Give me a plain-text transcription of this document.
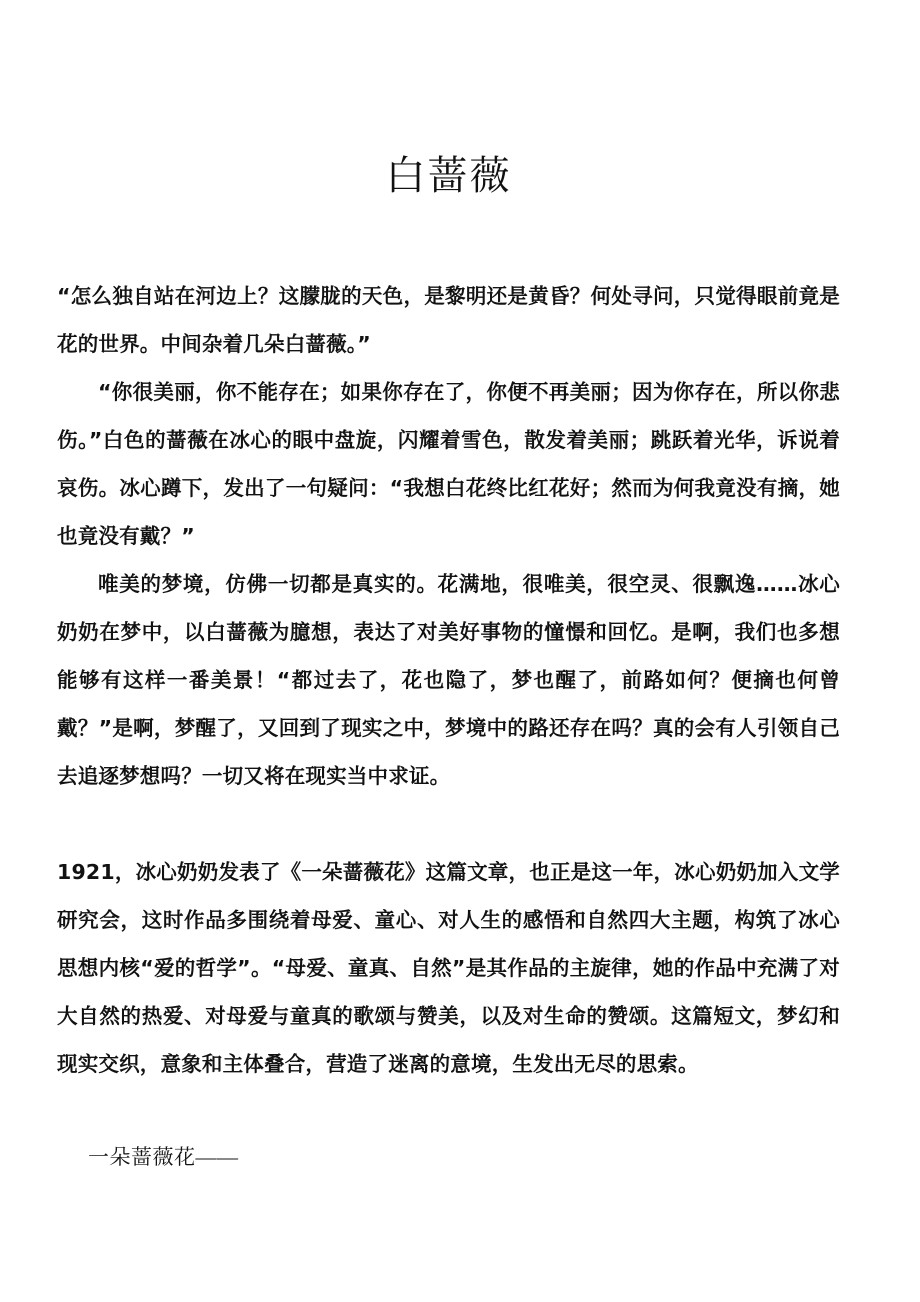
白蔷薇

“怎么独自站在河边上？这朦胧的天色，是黎明还是黄昏？何处寻问，只觉得眼前竟是花的世界。中间杂着几朵白蔷薇。”

“你很美丽，你不能存在；如果你存在了，你便不再美丽；因为你存在，所以你悲伤。”白色的蔷薇在冰心的眼中盘旋，闪耀着雪色，散发着美丽；跳跃着光华，诉说着哀伤。冰心蹲下，发出了一句疑问：“我想白花终比红花好；然而为何我竟没有摘，她也竟没有戴？”

唯美的梦境，仿佛一切都是真实的。花满地，很唯美，很空灵、很飘逸……冰心奶奶在梦中，以白蔷薇为臆想，表达了对美好事物的憧憬和回忆。是啊，我们也多想能够有这样一番美景！“都过去了，花也隐了，梦也醒了，前路如何？便摘也何曾戴？”是啊，梦醒了，又回到了现实之中，梦境中的路还存在吗？真的会有人引领自己去追逐梦想吗？一切又将在现实当中求证。

1921，冰心奶奶发表了《一朵蔷薇花》这篇文章，也正是这一年，冰心奶奶加入文学研究会，这时作品多围绕着母爱、童心、对人生的感悟和自然四大主题，构筑了冰心思想内核“爱的哲学”。“母爱、童真、自然”是其作品的主旋律，她的作品中充满了对大自然的热爱、对母爱与童真的歌颂与赞美，以及对生命的赞颂。这篇短文，梦幻和现实交织，意象和主体叠合，营造了迷离的意境，生发出无尽的思索。

一朵蔷薇花——
